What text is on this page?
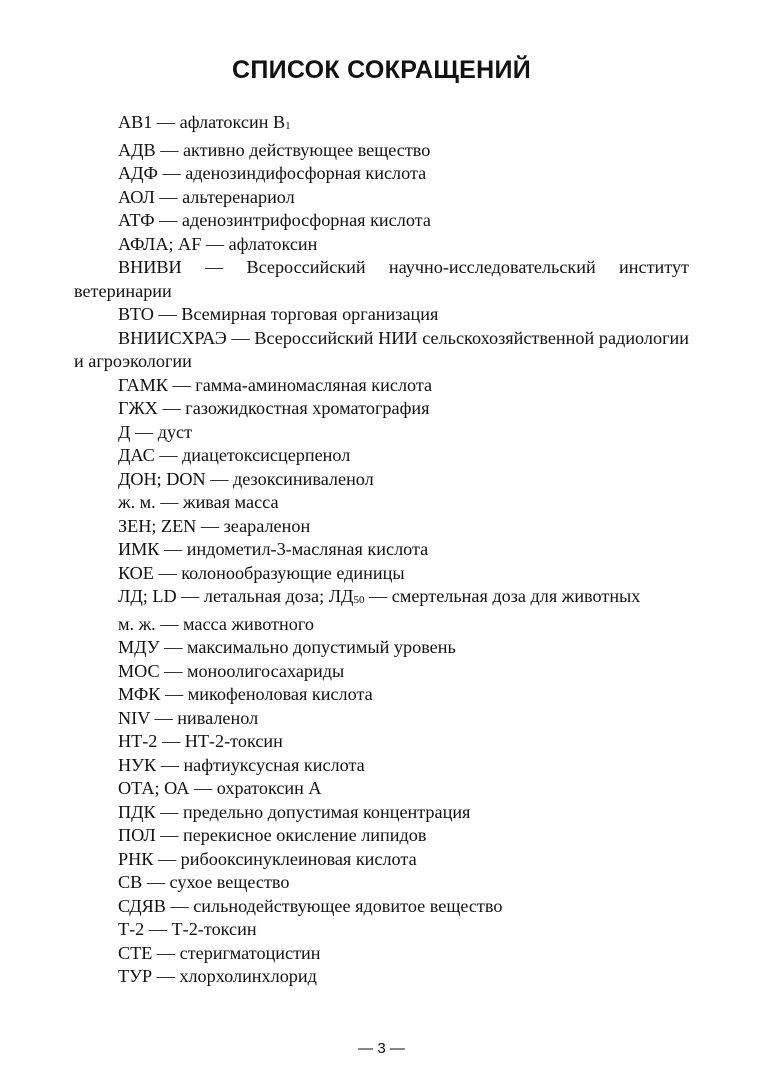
СПИСОК СОКРАЩЕНИЙ
АВ1 — афлатоксин В1
АДВ — активно действующее вещество
АДФ — аденозиндифосфорная кислота
АОЛ — альтеренариол
АТФ — аденозинтрифосфорная кислота
АФЛА; AF — афлатоксин
ВНИВИ — Всероссийский научно-исследовательский институт ветеринарии
ВТО — Всемирная торговая организация
ВНИИСХРАЭ — Всероссийский НИИ сельскохозяйственной радиологии и агроэкологии
ГАМК — гамма-аминомасляная кислота
ГЖХ — газожидкостная хроматография
Д — дуст
ДАС — диацетоксисцерпенол
ДОН; DON — дезоксиниваленол
ж. м. — живая масса
ЗЕН; ZEN — зеараленон
ИМК — индометил-3-масляная кислота
КОЕ — колонообразующие единицы
ЛД; LD — летальная доза; ЛД50 — смертельная доза для животных
м. ж. — масса животного
МДУ — максимально допустимый уровень
МОС — моноолигосахариды
МФК — микофеноловая кислота
NIV — ниваленол
НТ-2 — НТ-2-токсин
НУК — нафтиуксусная кислота
ОТА; ОА — охратоксин А
ПДК — предельно допустимая концентрация
ПОЛ — перекисное окисление липидов
РНК — рибооксинуклеиновая кислота
СВ — сухое вещество
СДЯВ — сильнодействующее ядовитое вещество
Т-2 — Т-2-токсин
СТЕ — стеригматоцистин
ТУР — хлорхолинхлорид
— 3 —
